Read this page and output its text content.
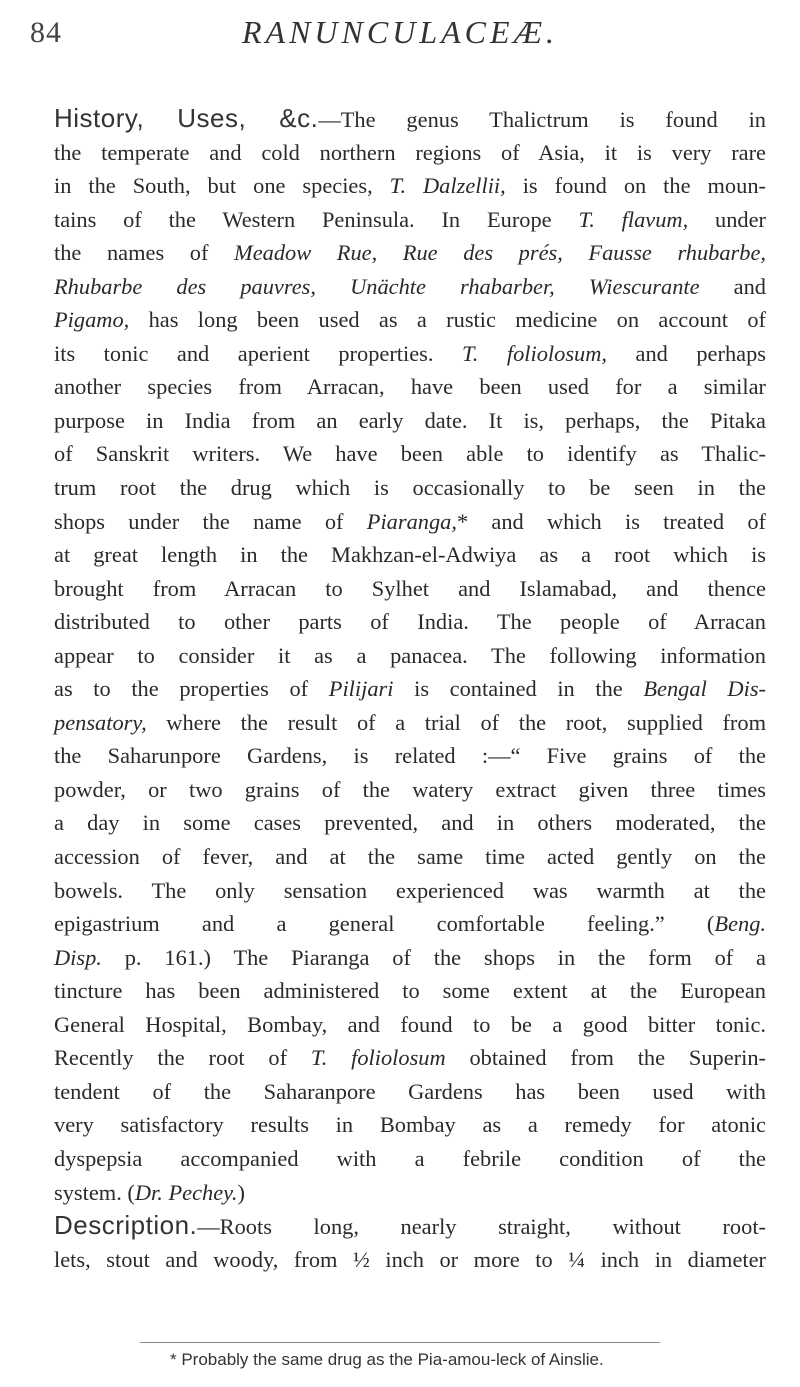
84	RANUNCULACEÆ.
History, Uses, &c.—The genus Thalictrum is found in
the temperate and cold northern regions of Asia, it is very rare
in the South, but one species, T. Dalzellii, is found on the moun-
tains of the Western Peninsula. In Europe T. flavum, under
the names of Meadow Rue, Rue des prés, Fausse rhubarbe,
Rhubarbe des pauvres, Unächte rhabarber, Wiescurante and
Pigamo, has long been used as a rustic medicine on account of
its tonic and aperient properties. T. foliolosum, and perhaps
another species from Arracan, have been used for a similar
purpose in India from an early date. It is, perhaps, the Pitaka
of Sanskrit writers. We have been able to identify as Thalic-
trum root the drug which is occasionally to be seen in the
shops under the name of Piaranga,* and which is treated of
at great length in the Makhzan-el-Adwiya as a root which is
brought from Arracan to Sylhet and Islamabad, and thence
distributed to other parts of India. The people of Arracan
appear to consider it as a panacea. The following information
as to the properties of Pilijari is contained in the Bengal Dis-
pensatory, where the result of a trial of the root, supplied from
the Saharunpore Gardens, is related :—“ Five grains of the
powder, or two grains of the watery extract given three times
a day in some cases prevented, and in others moderated, the
accession of fever, and at the same time acted gently on the
bowels. The only sensation experienced was warmth at the
epigastrium and a general comfortable feeling.” (Beng.
Disp. p. 161.) The Piaranga of the shops in the form of a
tincture has been administered to some extent at the European
General Hospital, Bombay, and found to be a good bitter tonic.
Recently the root of T. foliolosum obtained from the Superin-
tendent of the Saharanpore Gardens has been used with
very satisfactory results in Bombay as a remedy for atonic
dyspepsia accompanied with a febrile condition of the
system. (Dr. Pechey.)
Description.—Roots long, nearly straight, without root-
lets, stout and woody, from ½ inch or more to ¼ inch in diameter
* Probably the same drug as the Pia-amou-leck of Ainslie.
